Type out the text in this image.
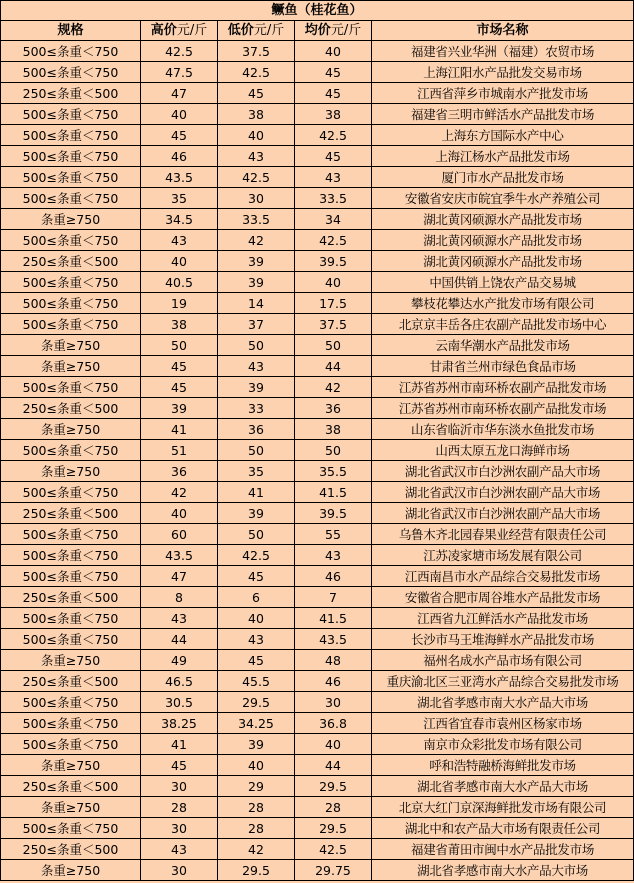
鳜鱼（桂花鱼）				
规格	高价元/斤	低价元/斤	均价元/斤	市场名称
500≤条重＜750	42.5	37.5	40	福建省兴业华洲（福建）农贸市场
500≤条重＜750	47.5	42.5	45	上海江阳水产品批发交易市场
250≤条重＜500	47	45	45	江西省萍乡市城南水产批发市场
500≤条重＜750	40	38	38	福建省三明市鲜活水产品批发市场
500≤条重＜750	45	40	42.5	上海东方国际水产中心
500≤条重＜750	46	43	45	上海江杨水产品批发市场
500≤条重＜750	43.5	42.5	43	厦门市水产品批发市场
500≤条重＜750	35	30	33.5	安徽省安庆市皖宜季牛水产养殖公司
条重≥750	34.5	33.5	34	湖北黄冈硕源水产品批发市场
500≤条重＜750	43	42	42.5	湖北黄冈硕源水产品批发市场
250≤条重＜500	40	39	39.5	湖北黄冈硕源水产品批发市场
500≤条重＜750	40.5	39	40	中国供销上饶农产品交易城
500≤条重＜750	19	14	17.5	攀枝花攀达水产批发市场有限公司
500≤条重＜750	38	37	37.5	北京京丰岳各庄农副产品批发市场中心
条重≥750	50	50	50	云南华潮水产品批发市场
条重≥750	45	43	44	甘肃省兰州市绿色食品市场
500≤条重＜750	45	39	42	江苏省苏州市南环桥农副产品批发市场
250≤条重＜500	39	33	36	江苏省苏州市南环桥农副产品批发市场
条重≥750	41	36	38	山东省临沂市华东淡水鱼批发市场
500≤条重＜750	51	50	50	山西太原五龙口海鲜市场
条重≥750	36	35	35.5	湖北省武汉市白沙洲农副产品大市场
500≤条重＜750	42	41	41.5	湖北省武汉市白沙洲农副产品大市场
250≤条重＜500	40	39	39.5	湖北省武汉市白沙洲农副产品大市场
500≤条重＜750	60	50	55	乌鲁木齐北园春果业经营有限责任公司
500≤条重＜750	43.5	42.5	43	江苏凌家塘市场发展有限公司
500≤条重＜750	47	45	46	江西南昌市水产品综合交易批发市场
250≤条重＜500	8	6	7	安徽省合肥市周谷堆水产品批发市场
500≤条重＜750	43	40	41.5	江西省九江鲜活水产品批发市场
500≤条重＜750	44	43	43.5	长沙市马王堆海鲜水产品批发市场
条重≥750	49	45	48	福州名成水产品市场有限公司
250≤条重＜500	46.5	45.5	46	重庆渝北区三亚湾水产品综合交易批发市场
500≤条重＜750	30.5	29.5	30	湖北省孝感市南大水产品大市场
500≤条重＜750	38.25	34.25	36.8	江西省宜春市袁州区杨家市场
500≤条重＜750	41	39	40	南京市众彩批发市场有限公司
条重≥750	45	40	44	呼和浩特融桥海鲜批发市场
250≤条重＜500	30	29	29.5	湖北省孝感市南大水产品大市场
条重≥750	28	28	28	北京大红门京深海鲜批发市场有限公司
500≤条重＜750	30	28	29.5	湖北中和农产品大市场有限责任公司
250≤条重＜500	43	42	42.5	福建省莆田市闽中水产品批发市场
条重≥750	30	29.5	29.75	湖北省孝感市南大水产品大市场
